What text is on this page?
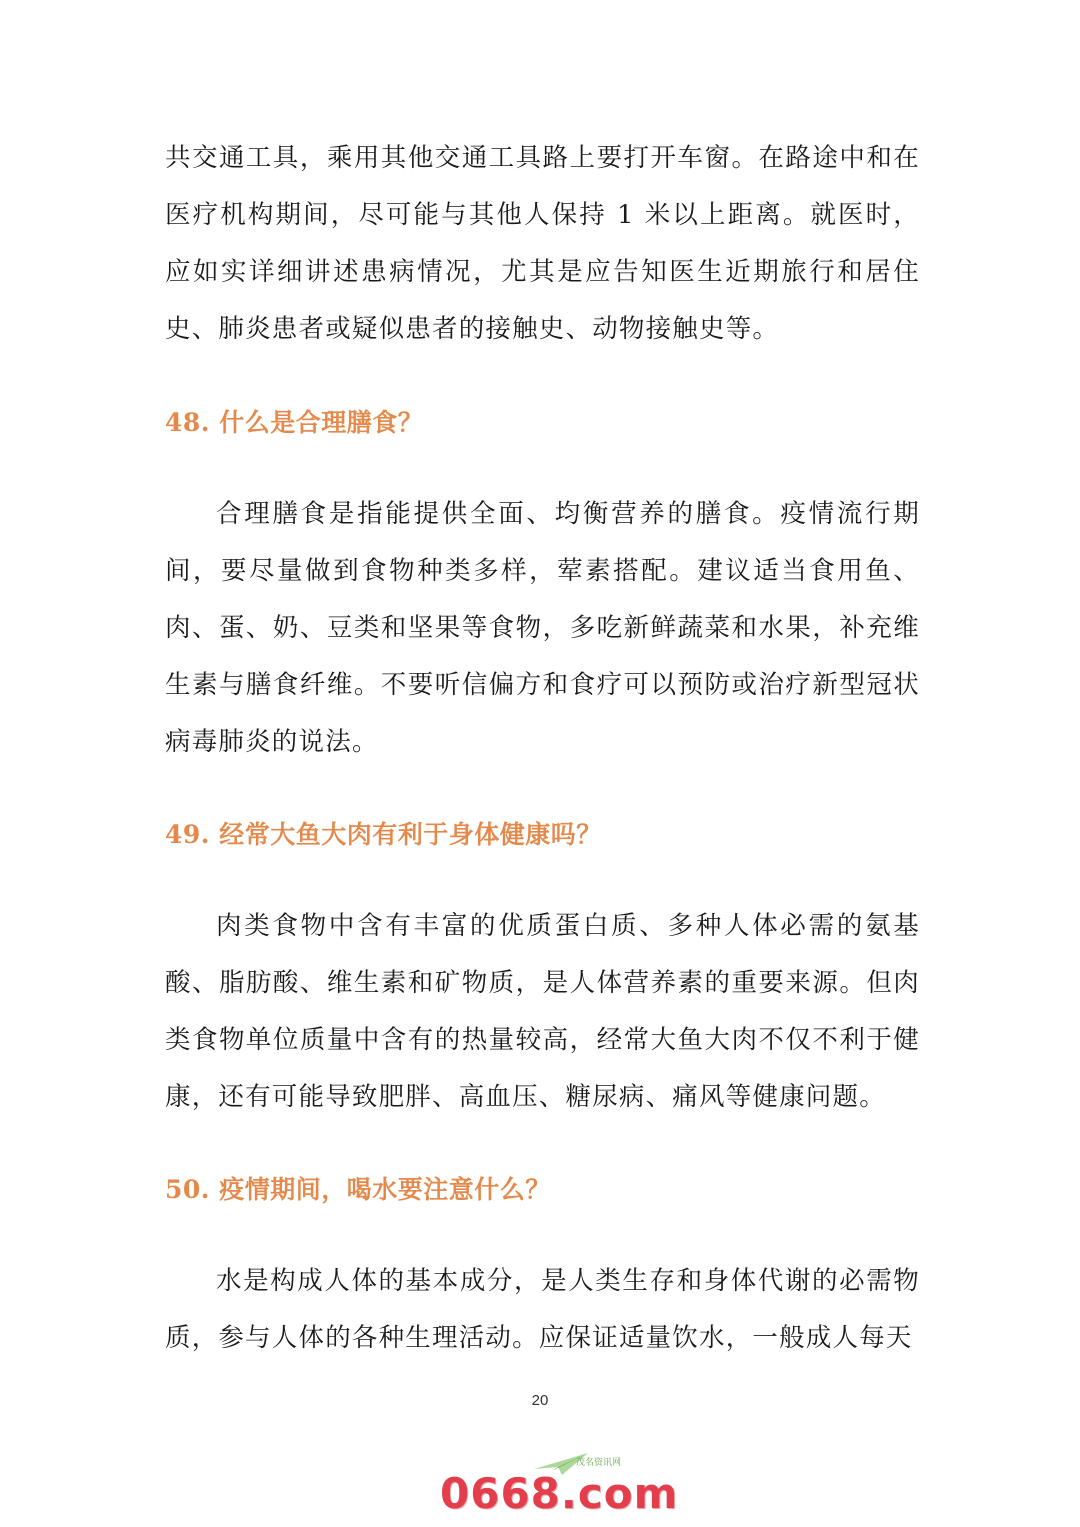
共交通工具，乘用其他交通工具路上要打开车窗。在路途中和在医疗机构期间，尽可能与其他人保持 1 米以上距离。就医时，应如实详细讲述患病情况，尤其是应告知医生近期旅行和居住史、肺炎患者或疑似患者的接触史、动物接触史等。

48. 什么是合理膳食？

合理膳食是指能提供全面、均衡营养的膳食。疫情流行期间，要尽量做到食物种类多样，荤素搭配。建议适当食用鱼、肉、蛋、奶、豆类和坚果等食物，多吃新鲜蔬菜和水果，补充维生素与膳食纤维。不要听信偏方和食疗可以预防或治疗新型冠状病毒肺炎的说法。

49. 经常大鱼大肉有利于身体健康吗？

肉类食物中含有丰富的优质蛋白质、多种人体必需的氨基酸、脂肪酸、维生素和矿物质，是人体营养素的重要来源。但肉类食物单位质量中含有的热量较高，经常大鱼大肉不仅不利于健康，还有可能导致肥胖、高血压、糖尿病、痛风等健康问题。

50. 疫情期间，喝水要注意什么？

水是构成人体的基本成分，是人类生存和身体代谢的必需物质，参与人体的各种生理活动。应保证适量饮水，一般成人每天

20
茂名资讯网
0668.com
